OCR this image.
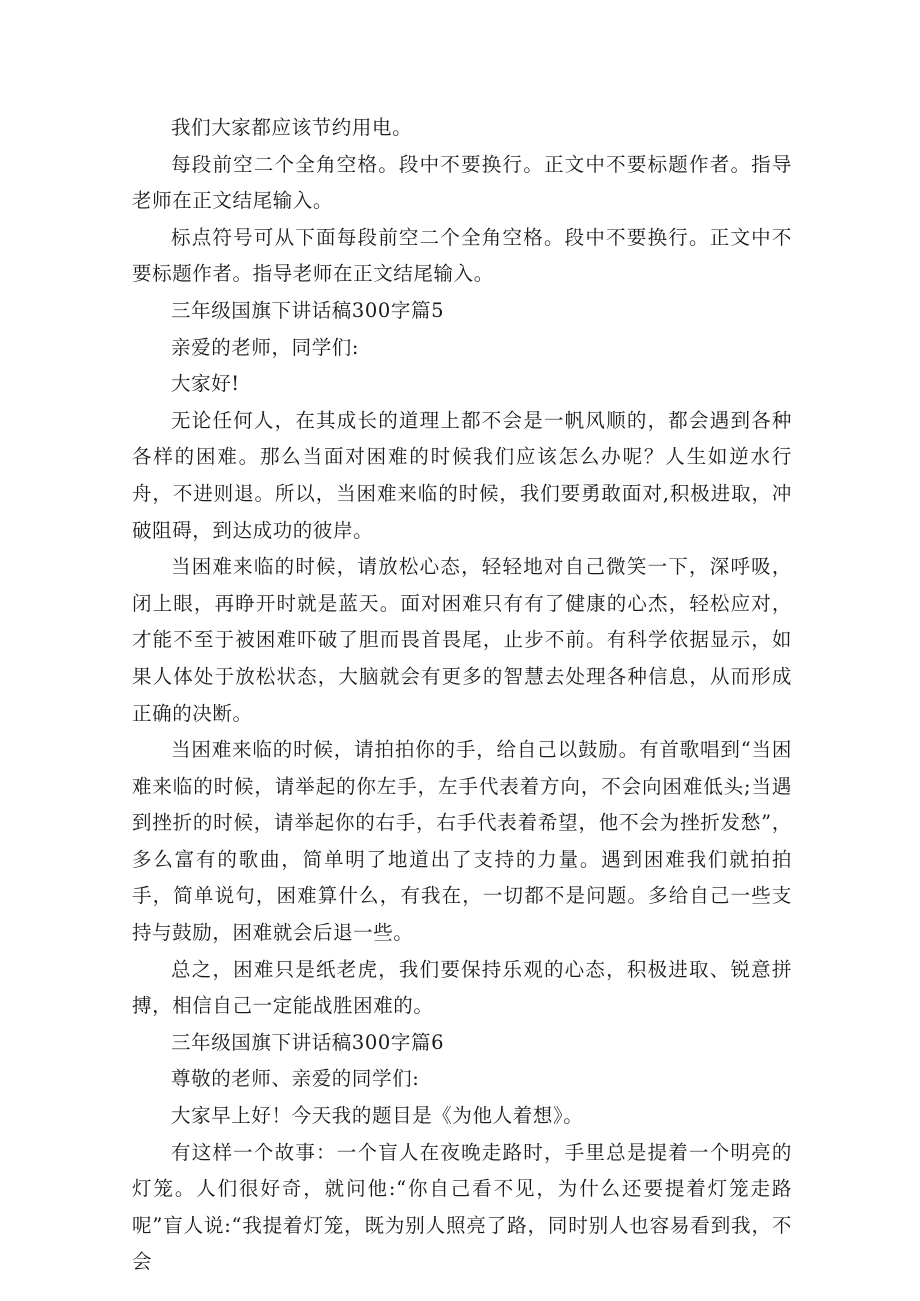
我们大家都应该节约用电。

每段前空二个全角空格。段中不要换行。正文中不要标题作者。指导老师在正文结尾输入。

标点符号可从下面每段前空二个全角空格。段中不要换行。正文中不要标题作者。指导老师在正文结尾输入。

三年级国旗下讲话稿300字篇5

亲爱的老师，同学们:

大家好!

无论任何人，在其成长的道理上都不会是一帆风顺的，都会遇到各种各样的困难。那么当面对困难的时候我们应该怎么办呢？人生如逆水行舟，不进则退。所以，当困难来临的时候，我们要勇敢面对,积极进取，冲破阻碍，到达成功的彼岸。

当困难来临的时候，请放松心态，轻轻地对自己微笑一下，深呼吸，闭上眼，再睁开时就是蓝天。面对困难只有有了健康的心杰，轻松应对，才能不至于被困难吓破了胆而畏首畏尾，止步不前。有科学依据显示，如果人体处于放松状态，大脑就会有更多的智慧去处理各种信息，从而形成正确的决断。

当困难来临的时候，请拍拍你的手，给自己以鼓励。有首歌唱到“当困难来临的时候，请举起的你左手，左手代表着方向，不会向困难低头;当遇到挫折的时候，请举起你的右手，右手代表着希望，他不会为挫折发愁”，多么富有的歌曲，简单明了地道出了支持的力量。遇到困难我们就拍拍手，简单说句，困难算什么，有我在，一切都不是问题。多给自己一些支持与鼓励，困难就会后退一些。

总之，困难只是纸老虎，我们要保持乐观的心态，积极进取、锐意拼搏，相信自己一定能战胜困难的。

三年级国旗下讲话稿300字篇6

尊敬的老师、亲爱的同学们:

大家早上好！今天我的题目是《为他人着想》。

有这样一个故事：一个盲人在夜晚走路时，手里总是提着一个明亮的灯笼。人们很好奇，就问他:“你自己看不见，为什么还要提着灯笼走路呢”盲人说:“我提着灯笼，既为别人照亮了路，同时别人也容易看到我，不会
